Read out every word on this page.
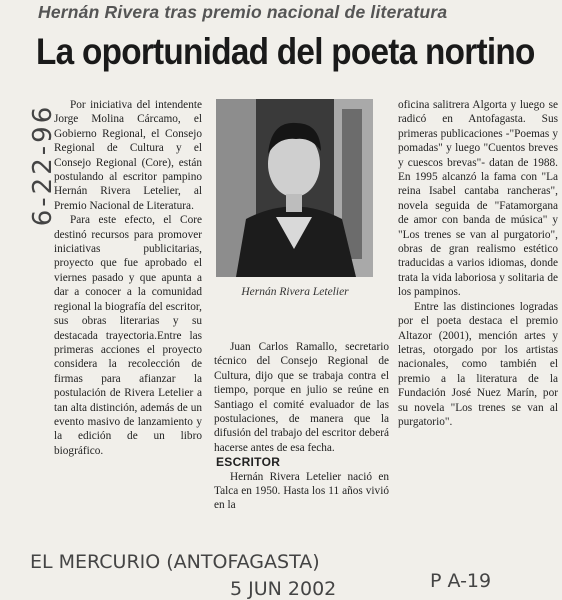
Hernán Rivera tras premio nacional de literatura
La oportunidad del poeta nortino
6-22-96	Por iniciativa del intendente Jorge Molina Cárcamo, el Gobierno Regional, el Consejo Regional de Cultura y el Consejo Regional (Core), están postulando al escritor pampino Hernán Rivera Letelier, al Premio Nacional de Literatura.

Para este efecto, el Core destinó recursos para promover iniciativas publicitarias, proyecto que fue aprobado el viernes pasado y que apunta a dar a conocer a la comunidad regional la biografía del escritor, sus obras literarias y su destacada trayectoria.Entre las primeras acciones el proyecto considera la recolección de firmas para afianzar la postulación de Rivera Letelier a tan alta distinción, además de un evento masivo de lanzamiento y la edición de un libro biográfico.

Hernán Rivera Letelier

Juan Carlos Ramallo, secretario técnico del Consejo Regional de Cultura, dijo que se trabaja contra el tiempo, porque en julio se reúne en Santiago el comité evaluador de las postulaciones, de manera que la difusión del trabajo del escritor deberá hacerse antes de esa fecha.

ESCRITOR

Hernán Rivera Letelier nació en Talca en 1950. Hasta los 11 años vivió en la

oficina salitrera Algorta y luego se radicó en Antofagasta. Sus primeras publicaciones -"Poemas y pomadas" y luego "Cuentos breves y cuescos brevas"- datan de 1988. En 1995 alcanzó la fama con "La reina Isabel cantaba rancheras", novela seguida de "Fatamorgana de amor con banda de música" y "Los trenes se van al purgatorio", obras de gran realismo estético traducidas a varios idiomas, donde trata la vida laboriosa y solitaria de los pampinos.

Entre las distinciones logradas por el poeta destaca el premio Altazor (2001), mención artes y letras, otorgado por los artistas nacionales, como también el premio a la literatura de la Fundación José Nuez Marín, por su novela "Los trenes se van al purgatorio".

EL MERCURIO (ANTOFAGASTA)
5 JUN 2002	P A-19
